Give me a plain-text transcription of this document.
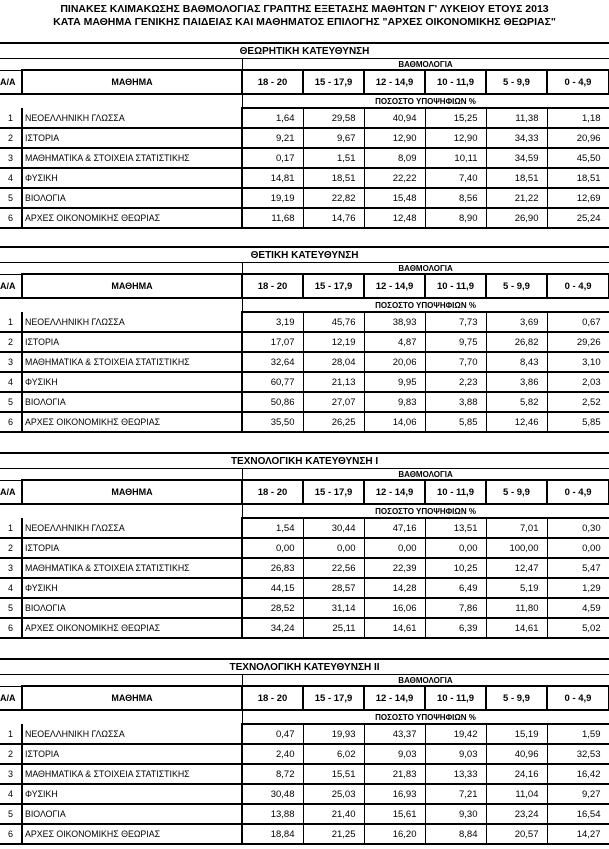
ΠΙΝΑΚΕΣ ΚΛΙΜΑΚΩΣΗΣ ΒΑΘΜΟΛΟΓΙΑΣ ΓΡΑΠΤΗΣ ΕΞΕΤΑΣΗΣ ΜΑΘΗΤΩΝ Γ' ΛΥΚΕΙΟΥ ΕΤΟΥΣ 2013
ΚΑΤΑ ΜΑΘΗΜΑ ΓΕΝΙΚΗΣ ΠΑΙΔΕΙΑΣ ΚΑΙ ΜΑΘΗΜΑΤΟΣ ΕΠΙΛΟΓΗΣ "ΑΡΧΕΣ ΟΙΚΟΝΟΜΙΚΗΣ ΘΕΩΡΙΑΣ"
ΘΕΩΡΗΤΙΚΗ ΚΑΤΕΥΘΥΝΣΗ							
		ΒΑΘΜΟΛΟΓΙΑ					
Α/Α	ΜΑΘΗΜΑ	18 - 20	15 - 17,9	12 - 14,9	10 - 11,9	5 - 9,9	0 - 4,9
		ΠΟΣΟΣΤΟ ΥΠΟΨΗΦΙΩΝ %					
1	ΝΕΟΕΛΛΗΝΙΚΗ ΓΛΩΣΣΑ	1,64	29,58	40,94	15,25	11,38	1,18
2	ΙΣΤΟΡΙΑ	9,21	9,67	12,90	12,90	34,33	20,96
3	ΜΑΘΗΜΑΤΙΚΑ & ΣΤΟΙΧΕΙΑ ΣΤΑΤΙΣΤΙΚΗΣ	0,17	1,51	8,09	10,11	34,59	45,50
4	ΦΥΣΙΚΗ	14,81	18,51	22,22	7,40	18,51	18,51
5	ΒΙΟΛΟΓΙΑ	19,19	22,82	15,48	8,56	21,22	12,69
6	ΑΡΧΕΣ ΟΙΚΟΝΟΜΙΚΗΣ ΘΕΩΡΙΑΣ	11,68	14,76	12,48	8,90	26,90	25,24
ΘΕΤΙΚΗ ΚΑΤΕΥΘΥΝΣΗ							
		ΒΑΘΜΟΛΟΓΙΑ					
Α/Α	ΜΑΘΗΜΑ	18 - 20	15 - 17,9	12 - 14,9	10 - 11,9	5 - 9,9	0 - 4,9
		ΠΟΣΟΣΤΟ ΥΠΟΨΗΦΙΩΝ %					
1	ΝΕΟΕΛΛΗΝΙΚΗ ΓΛΩΣΣΑ	3,19	45,76	38,93	7,73	3,69	0,67
2	ΙΣΤΟΡΙΑ	17,07	12,19	4,87	9,75	26,82	29,26
3	ΜΑΘΗΜΑΤΙΚΑ & ΣΤΟΙΧΕΙΑ ΣΤΑΤΙΣΤΙΚΗΣ	32,64	28,04	20,06	7,70	8,43	3,10
4	ΦΥΣΙΚΗ	60,77	21,13	9,95	2,23	3,86	2,03
5	ΒΙΟΛΟΓΙΑ	50,86	27,07	9,83	3,88	5,82	2,52
6	ΑΡΧΕΣ ΟΙΚΟΝΟΜΙΚΗΣ ΘΕΩΡΙΑΣ	35,50	26,25	14,06	5,85	12,46	5,85
ΤΕΧΝΟΛΟΓΙΚΗ ΚΑΤΕΥΘΥΝΣΗ Ι							
		ΒΑΘΜΟΛΟΓΙΑ					
Α/Α	ΜΑΘΗΜΑ	18 - 20	15 - 17,9	12 - 14,9	10 - 11,9	5 - 9,9	0 - 4,9
		ΠΟΣΟΣΤΟ ΥΠΟΨΗΦΙΩΝ %					
1	ΝΕΟΕΛΛΗΝΙΚΗ ΓΛΩΣΣΑ	1,54	30,44	47,16	13,51	7,01	0,30
2	ΙΣΤΟΡΙΑ	0,00	0,00	0,00	0,00	100,00	0,00
3	ΜΑΘΗΜΑΤΙΚΑ & ΣΤΟΙΧΕΙΑ ΣΤΑΤΙΣΤΙΚΗΣ	26,83	22,56	22,39	10,25	12,47	5,47
4	ΦΥΣΙΚΗ	44,15	28,57	14,28	6,49	5,19	1,29
5	ΒΙΟΛΟΓΙΑ	28,52	31,14	16,06	7,86	11,80	4,59
6	ΑΡΧΕΣ ΟΙΚΟΝΟΜΙΚΗΣ ΘΕΩΡΙΑΣ	34,24	25,11	14,61	6,39	14,61	5,02
ΤΕΧΝΟΛΟΓΙΚΗ ΚΑΤΕΥΘΥΝΣΗ ΙΙ							
		ΒΑΘΜΟΛΟΓΙΑ					
Α/Α	ΜΑΘΗΜΑ	18 - 20	15 - 17,9	12 - 14,9	10 - 11,9	5 - 9,9	0 - 4,9
		ΠΟΣΟΣΤΟ ΥΠΟΨΗΦΙΩΝ %					
1	ΝΕΟΕΛΛΗΝΙΚΗ ΓΛΩΣΣΑ	0,47	19,93	43,37	19,42	15,19	1,59
2	ΙΣΤΟΡΙΑ	2,40	6,02	9,03	9,03	40,96	32,53
3	ΜΑΘΗΜΑΤΙΚΑ & ΣΤΟΙΧΕΙΑ ΣΤΑΤΙΣΤΙΚΗΣ	8,72	15,51	21,83	13,33	24,16	16,42
4	ΦΥΣΙΚΗ	30,48	25,03	16,93	7,21	11,04	9,27
5	ΒΙΟΛΟΓΙΑ	13,88	21,40	15,61	9,30	23,24	16,54
6	ΑΡΧΕΣ ΟΙΚΟΝΟΜΙΚΗΣ ΘΕΩΡΙΑΣ	18,84	21,25	16,20	8,84	20,57	14,27
